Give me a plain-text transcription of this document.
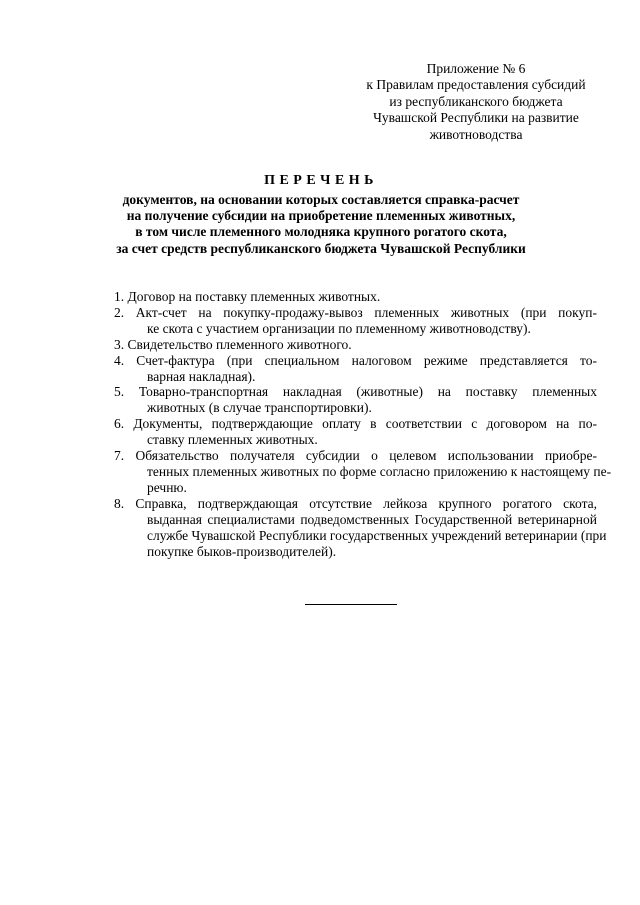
Приложение № 6
к Правилам предоставления субсидий
из республиканского бюджета
Чувашской Республики на развитие
животноводства
ПЕРЕЧЕНЬ
документов, на основании которых составляется справка-расчет
на получение субсидии на приобретение племенных животных,
в том числе племенного молодняка крупного рогатого скота,
за счет средств республиканского бюджета Чувашской Республики
1. Договор на поставку племенных животных.
2. Акт-счет на покупку-продажу-вывоз племенных животных (при покуп-
ке скота с участием организации по племенному животноводству).
3. Свидетельство племенного животного.
4. Счет-фактура (при специальном налоговом режиме представляется то-
варная накладная).
5. Товарно-транспортная накладная (животные) на поставку племенных
животных (в случае транспортировки).
6. Документы, подтверждающие оплату в соответствии с договором на по-
ставку племенных животных.
7. Обязательство получателя субсидии о целевом использовании приобре-
тенных племенных животных по форме согласно приложению к настоящему пе-
речню.
8. Справка, подтверждающая отсутствие лейкоза крупного рогатого скота,
выданная специалистами подведомственных Государственной ветеринарной
службе Чувашской Республики государственных учреждений ветеринарии (при
покупке быков-производителей).
